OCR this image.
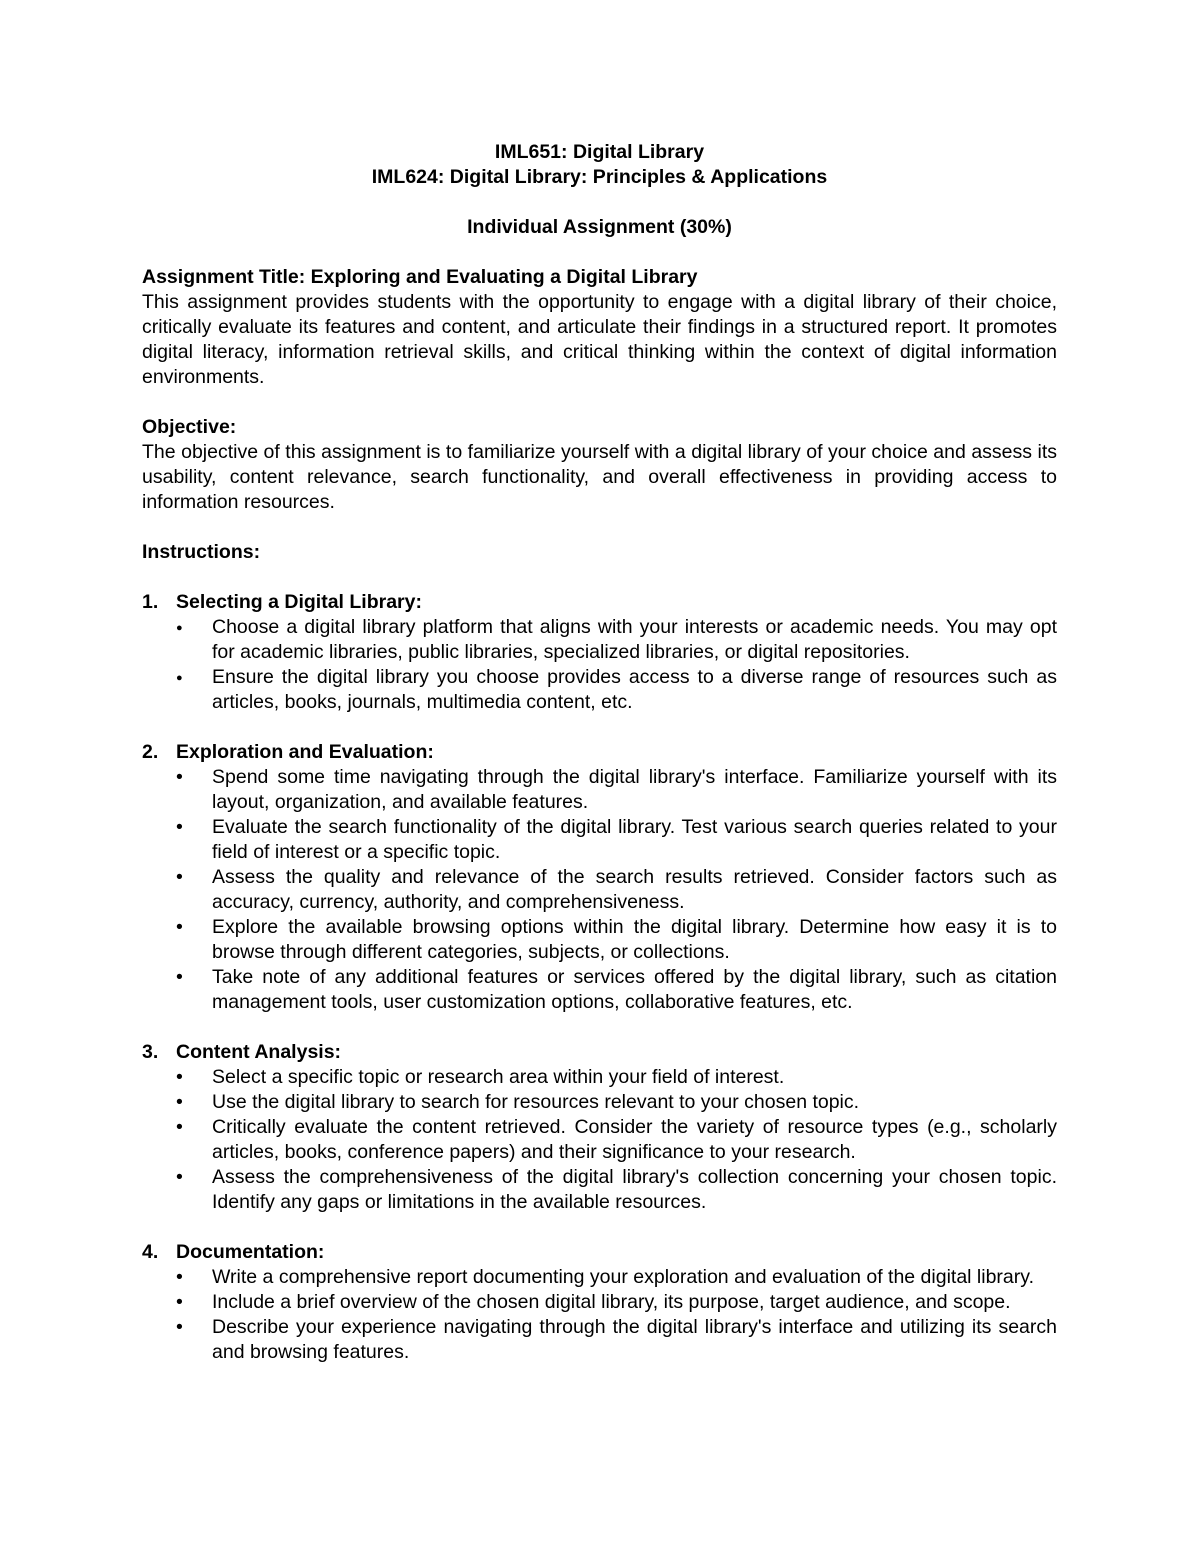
IML651: Digital Library

IML624: Digital Library: Principles & Applications

Individual Assignment (30%)

Assignment Title: Exploring and Evaluating a Digital Library

This assignment provides students with the opportunity to engage with a digital library of their choice, critically evaluate its features and content, and articulate their findings in a structured report. It promotes digital literacy, information retrieval skills, and critical thinking within the context of digital information environments.

Objective:

The objective of this assignment is to familiarize yourself with a digital library of your choice and assess its usability, content relevance, search functionality, and overall effectiveness in providing access to information resources.

Instructions:

1. Selecting a Digital Library:
●
Choose a digital library platform that aligns with your interests or academic needs. You may opt for academic libraries, public libraries, specialized libraries, or digital repositories.
●
Ensure the digital library you choose provides access to a diverse range of resources such as articles, books, journals, multimedia content, etc.
2. Exploration and Evaluation:
•
Spend some time navigating through the digital library's interface. Familiarize yourself with its layout, organization, and available features.
•
Evaluate the search functionality of the digital library. Test various search queries related to your field of interest or a specific topic.
•
Assess the quality and relevance of the search results retrieved. Consider factors such as accuracy, currency, authority, and comprehensiveness.
•
Explore the available browsing options within the digital library. Determine how easy it is to browse through different categories, subjects, or collections.
•
Take note of any additional features or services offered by the digital library, such as citation management tools, user customization options, collaborative features, etc.
3. Content Analysis:
•
Select a specific topic or research area within your field of interest.
•
Use the digital library to search for resources relevant to your chosen topic.
•
Critically evaluate the content retrieved. Consider the variety of resource types (e.g., scholarly articles, books, conference papers) and their significance to your research.
•
Assess the comprehensiveness of the digital library's collection concerning your chosen topic. Identify any gaps or limitations in the available resources.
4. Documentation:
•
Write a comprehensive report documenting your exploration and evaluation of the digital library.
•
Include a brief overview of the chosen digital library, its purpose, target audience, and scope.
•
Describe your experience navigating through the digital library's interface and utilizing its search and browsing features.
